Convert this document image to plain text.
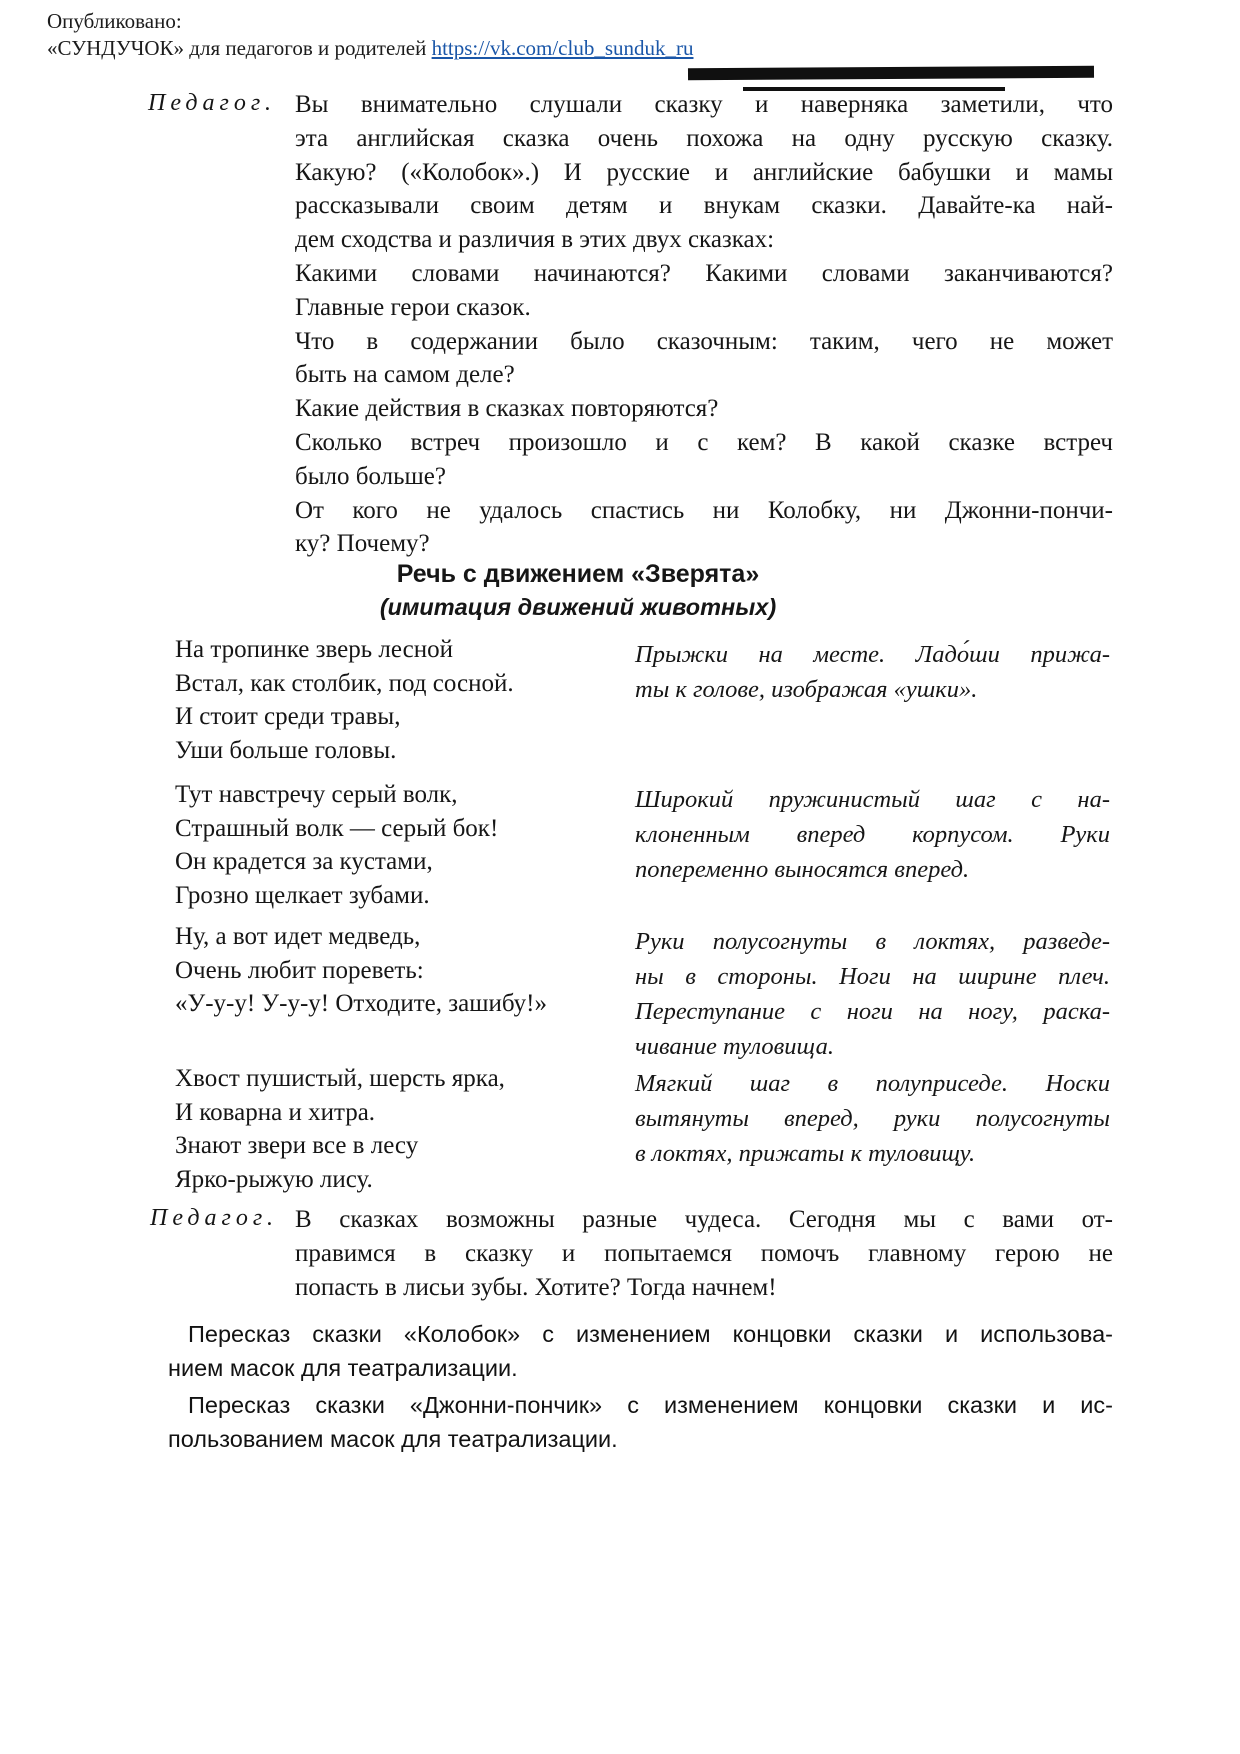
Опубликовано:
«СУНДУЧОК» для педагогов и родителей https://vk.com/club_sunduk_ru
Педагог. Вы внимательно слушали сказку и наверняка заметили, что
эта английская сказка очень похожа на одну русскую сказку.
Какую? («Колобок».) И русские и английские бабушки и мамы
рассказывали своим детям и внукам сказки. Давайте-ка най-
дем сходства и различия в этих двух сказках:
Какими словами начинаются? Какими словами заканчиваются?
Главные герои сказок.
Что в содержании было сказочным: таким, чего не может
быть на самом деле?
Какие действия в сказках повторяются?
Сколько встреч произошло и с кем? В какой сказке встреч
было больше?
От кого не удалось спастись ни Колобку, ни Джонни-пончи-
ку? Почему?
Речь с движением «Зверята»
(имитация движений животных)
На тропинке зверь лесной
Встал, как столбик, под сосной.
И стоит среди травы,
Уши больше головы.
Прыжки на месте. Ладо́ши прижа-
ты к голове, изображая «ушки».
Тут навстречу серый волк,
Страшный волк — серый бок!
Он крадется за кустами,
Грозно щелкает зубами.
Широкий пружинистый шаг с на-
клоненным вперед корпусом. Руки
попеременно выносятся вперед.
Ну, а вот идет медведь,
Очень любит пореветь:
«У-у-у! У-у-у! Отходите, зашибу!»
Руки полусогнуты в локтях, разведе-
ны в стороны. Ноги на ширине плеч.
Переступание с ноги на ногу, раска-
чивание туловища.
Хвост пушистый, шерсть ярка,
И коварна и хитра.
Знают звери все в лесу
Ярко-рыжую лису.
Мягкий шаг в полуприседе. Носки
вытянуты вперед, руки полусогнуты
в локтях, прижаты к туловищу.
Педагог. В сказках возможны разные чудеса. Сегодня мы с вами от-
правимся в сказку и попытаемся помочъ главному герою не
попасть в лисьи зубы. Хотите? Тогда начнем!
Пересказ сказки «Колобок» с изменением концовки сказки и использова-
нием масок для театрализации.
Пересказ сказки «Джонни-пончик» с изменением концовки сказки и ис-
пользованием масок для театрализации.
